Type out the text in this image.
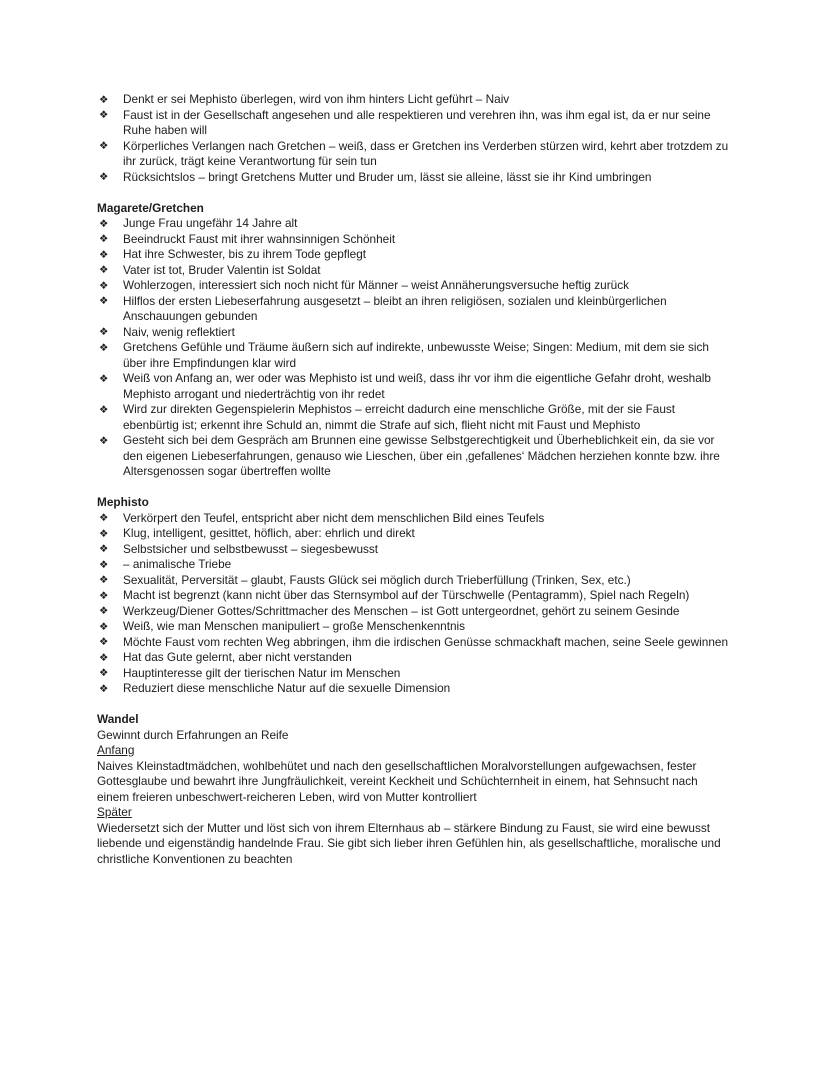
❖ Denkt er sei Mephisto überlegen, wird von ihm hinters Licht geführt – Naiv
❖ Faust ist in der Gesellschaft angesehen und alle respektieren und verehren ihn, was ihm egal ist, da er nur seine Ruhe haben will
❖ Körperliches Verlangen nach Gretchen – weiß, dass er Gretchen ins Verderben stürzen wird, kehrt aber trotzdem zu ihr zurück, trägt keine Verantwortung für sein tun
❖ Rücksichtslos – bringt Gretchens Mutter und Bruder um, lässt sie alleine, lässt sie ihr Kind umbringen
Magarete/Gretchen
❖ Junge Frau ungefähr 14 Jahre alt
❖ Beeindruckt Faust mit ihrer wahnsinnigen Schönheit
❖ Hat ihre Schwester, bis zu ihrem Tode gepflegt
❖ Vater ist tot, Bruder Valentin ist Soldat
❖ Wohlerzogen, interessiert sich noch nicht für Männer – weist Annäherungsversuche heftig zurück
❖ Hilflos der ersten Liebeserfahrung ausgesetzt – bleibt an ihren religiösen, sozialen und kleinbürgerlichen Anschauungen gebunden
❖ Naiv, wenig reflektiert
❖ Gretchens Gefühle und Träume äußern sich auf indirekte, unbewusste Weise; Singen: Medium, mit dem sie sich über ihre Empfindungen klar wird
❖ Weiß von Anfang an, wer oder was Mephisto ist und weiß, dass ihr vor ihm die eigentliche Gefahr droht, weshalb Mephisto arrogant und niederträchtig von ihr redet
❖ Wird zur direkten Gegenspielerin Mephistos – erreicht dadurch eine menschliche Größe, mit der sie Faust ebenbürtig ist; erkennt ihre Schuld an, nimmt die Strafe auf sich, flieht nicht mit Faust und Mephisto
❖ Gesteht sich bei dem Gespräch am Brunnen eine gewisse Selbstgerechtigkeit und Überheblichkeit ein, da sie vor den eigenen Liebeserfahrungen, genauso wie Lieschen, über ein ‚gefallenes‘ Mädchen herziehen konnte bzw. ihre Altersgenossen sogar übertreffen wollte
Mephisto
❖ Verkörpert den Teufel, entspricht aber nicht dem menschlichen Bild eines Teufels
❖ Klug, intelligent, gesittet, höflich, aber: ehrlich und direkt
❖ Selbstsicher und selbstbewusst – siegesbewusst
❖ – animalische Triebe
❖ Sexualität, Perversität – glaubt, Fausts Glück sei möglich durch Trieberfüllung (Trinken, Sex, etc.)
❖ Macht ist begrenzt (kann nicht über das Sternsymbol auf der Türschwelle (Pentagramm), Spiel nach Regeln)
❖ Werkzeug/Diener Gottes/Schrittmacher des Menschen – ist Gott untergeordnet, gehört zu seinem Gesinde
❖ Weiß, wie man Menschen manipuliert – große Menschenkenntnis
❖ Möchte Faust vom rechten Weg abbringen, ihm die irdischen Genüsse schmackhaft machen, seine Seele gewinnen
❖ Hat das Gute gelernt, aber nicht verstanden
❖ Hauptinteresse gilt der tierischen Natur im Menschen
❖ Reduziert diese menschliche Natur auf die sexuelle Dimension
Wandel
Gewinnt durch Erfahrungen an Reife
Anfang
Naives Kleinstadtmädchen, wohlbehütet und nach den gesellschaftlichen Moralvorstellungen aufgewachsen, fester Gottesglaube und bewahrt ihre Jungfräulichkeit, vereint Keckheit und Schüchternheit in einem, hat Sehnsucht nach einem freieren unbeschwert-reicheren Leben, wird von Mutter kontrolliert
Später
Wiedersetzt sich der Mutter und löst sich von ihrem Elternhaus ab – stärkere Bindung zu Faust, sie wird eine bewusst liebende und eigenständig handelnde Frau. Sie gibt sich lieber ihren Gefühlen hin, als gesellschaftliche, moralische und christliche Konventionen zu beachten
